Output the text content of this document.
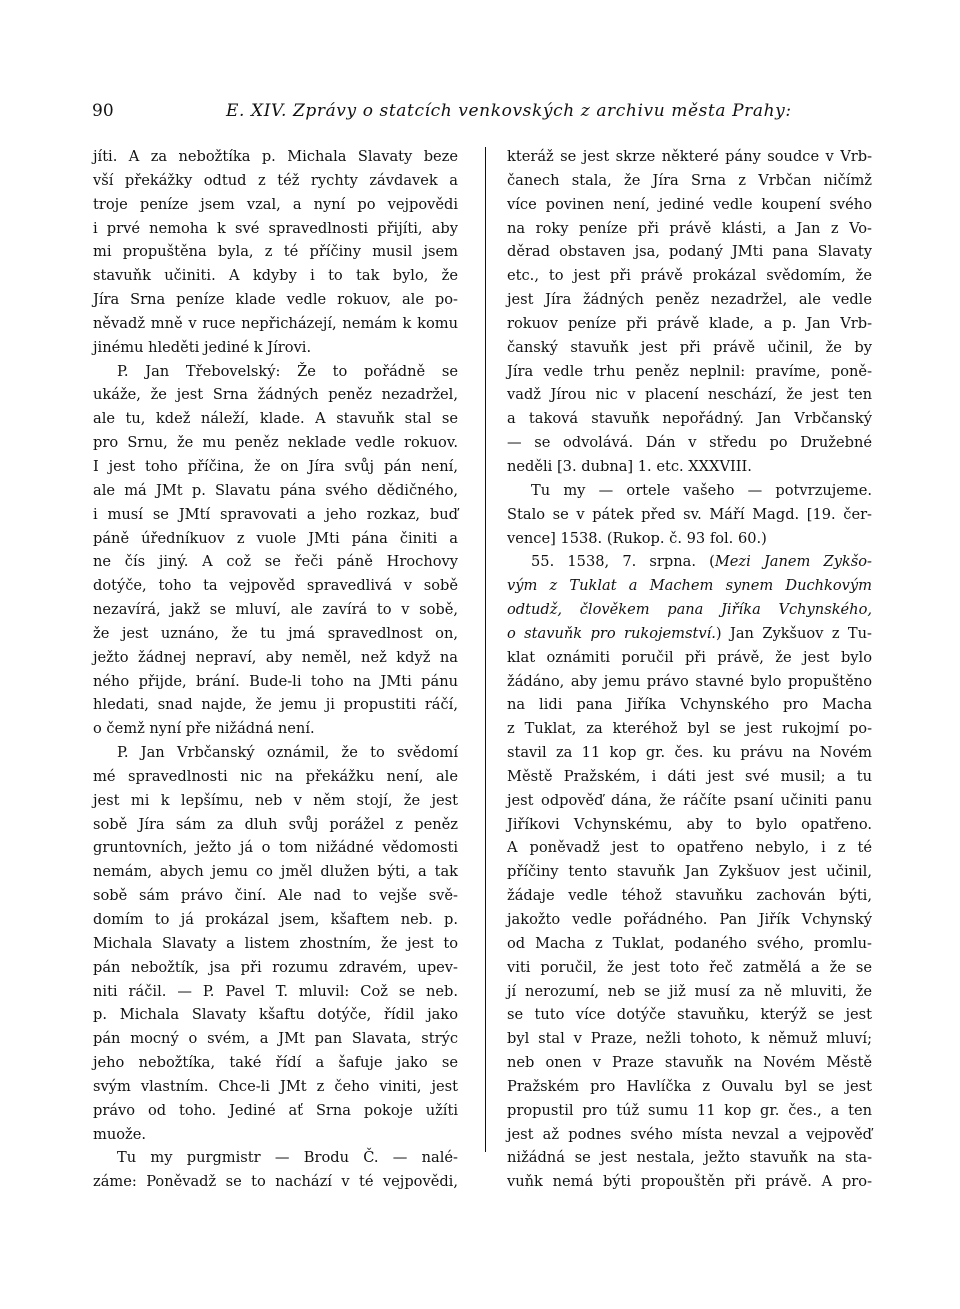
90	E. XIV. Zprávy o statcích venkovských z archivu města Prahy:
jíti. A za nebožtíka p. Michala Slavaty beze
vší překážky odtud z též rychty závdavek a
troje peníze jsem vzal, a nyní po vejpovědi
i prvé nemoha k své spravedlnosti přijíti, aby
mi propuštěna byla, z té příčiny musil jsem
stavuňk učiniti. A kdyby i to tak bylo, že
Jíra Srna peníze klade vedle rokuov, ale po-
něvadž mně v ruce nepřicházejí, nemám k komu
jinému hleděti jediné k Jírovi.
P. Jan Třebovelský: Že to pořádně se
ukáže, že jest Srna žádných peněz nezadržel,
ale tu, kdež náleží, klade. A stavuňk stal se
pro Srnu, že mu peněz neklade vedle rokuov.
I jest toho příčina, že on Jíra svůj pán není,
ale má JMt p. Slavatu pána svého dědičného,
i musí se JMtí spravovati a jeho rozkaz, buď
páně úředníkuov z vuole JMti pána činiti a
ne čís jiný. A což se řeči páně Hrochovy
dotýče, toho ta vejpověd spravedlivá v sobě
nezavírá, jakž se mluví, ale zavírá to v sobě,
že jest uznáno, že tu jmá spravedlnost on,
ježto žádnej nepraví, aby neměl, než když na
ného přijde, brání. Bude-li toho na JMti pánu
hledati, snad najde, že jemu ji propustiti ráčí,
o čemž nyní pře nižádná není.
P. Jan Vrbčanský oznámil, že to svědomí
mé spravedlnosti nic na překážku není, ale
jest mi k lepšímu, neb v něm stojí, že jest
sobě Jíra sám za dluh svůj porážel z peněz
gruntovních, ježto já o tom nižádné vědomosti
nemám, abych jemu co jměl dlužen býti, a tak
sobě sám právo činí. Ale nad to vejše svě-
domím to já prokázal jsem, kšaftem neb. p.
Michala Slavaty a listem zhostním, že jest to
pán nebožtík, jsa při rozumu zdravém, upev-
niti ráčil. — P. Pavel T. mluvil: Což se neb.
p. Michala Slavaty kšaftu dotýče, řídil jako
pán mocný o svém, a JMt pan Slavata, strýc
jeho nebožtíka, také řídí a šafuje jako se
svým vlastním. Chce-li JMt z čeho viniti, jest
právo od toho. Jediné ať Srna pokoje užíti
muože.
Tu my purgmistr — Brodu Č. — nalé-
záme: Poněvadž se to nachází v té vejpovědi,
kteráž se jest skrze některé pány soudce v Vrb-
čanech stala, že Jíra Srna z Vrbčan ničímž
více povinen není, jediné vedle koupení svého
na roky peníze při právě klásti, a Jan z Vo-
děrad obstaven jsa, podaný JMti pana Slavaty
etc., to jest při právě prokázal svědomím, že
jest Jíra žádných peněz nezadržel, ale vedle
rokuov peníze při právě klade, a p. Jan Vrb-
čanský stavuňk jest při právě učinil, že by
Jíra vedle trhu peněz neplnil: pravíme, poně-
vadž Jírou nic v placení neschází, že jest ten
a taková stavuňk nepořádný. Jan Vrbčanský
— se odvolává. Dán v středu po Družebné
neděli [3. dubna] 1. etc. XXXVIII.
Tu my — ortele vašeho — potvrzujeme.
Stalo se v pátek před sv. Máří Magd. [19. čer-
vence] 1538. (Rukop. č. 93 fol. 60.)
55. 1538, 7. srpna. (Mezi Janem Zykšo-
vým z Tuklat a Machem synem Duchkovým
odtudž, člověkem pana Jiříka Vchynského,
o stavuňk pro rukojemství.) Jan Zykšuov z Tu-
klat oznámiti poručil při právě, že jest bylo
žádáno, aby jemu právo stavné bylo propuštěno
na lidi pana Jiříka Vchynského pro Macha
z Tuklat, za kteréhož byl se jest rukojmí po-
stavil za 11 kop gr. čes. ku právu na Novém
Městě Pražském, i dáti jest své musil; a tu
jest odpověď dána, že ráčíte psaní učiniti panu
Jiříkovi Vchynskému, aby to bylo opatřeno.
A poněvadž jest to opatřeno nebylo, i z té
příčiny tento stavuňk Jan Zykšuov jest učinil,
žádaje vedle téhož stavuňku zachován býti,
jakožto vedle pořádného. Pan Jiřík Vchynský
od Macha z Tuklat, podaného svého, promlu-
viti poručil, že jest toto řeč zatmělá a že se
jí nerozumí, neb se již musí za ně mluviti, že
se tuto více dotýče stavuňku, kterýž se jest
byl stal v Praze, nežli tohoto, k němuž mluví;
neb onen v Praze stavuňk na Novém Městě
Pražském pro Havlíčka z Ouvalu byl se jest
propustil pro túž sumu 11 kop gr. čes., a ten
jest až podnes svého místa nevzal a vejpověď
nižádná se jest nestala, ježto stavuňk na sta-
vuňk nemá býti propouštěn při právě. A pro-
